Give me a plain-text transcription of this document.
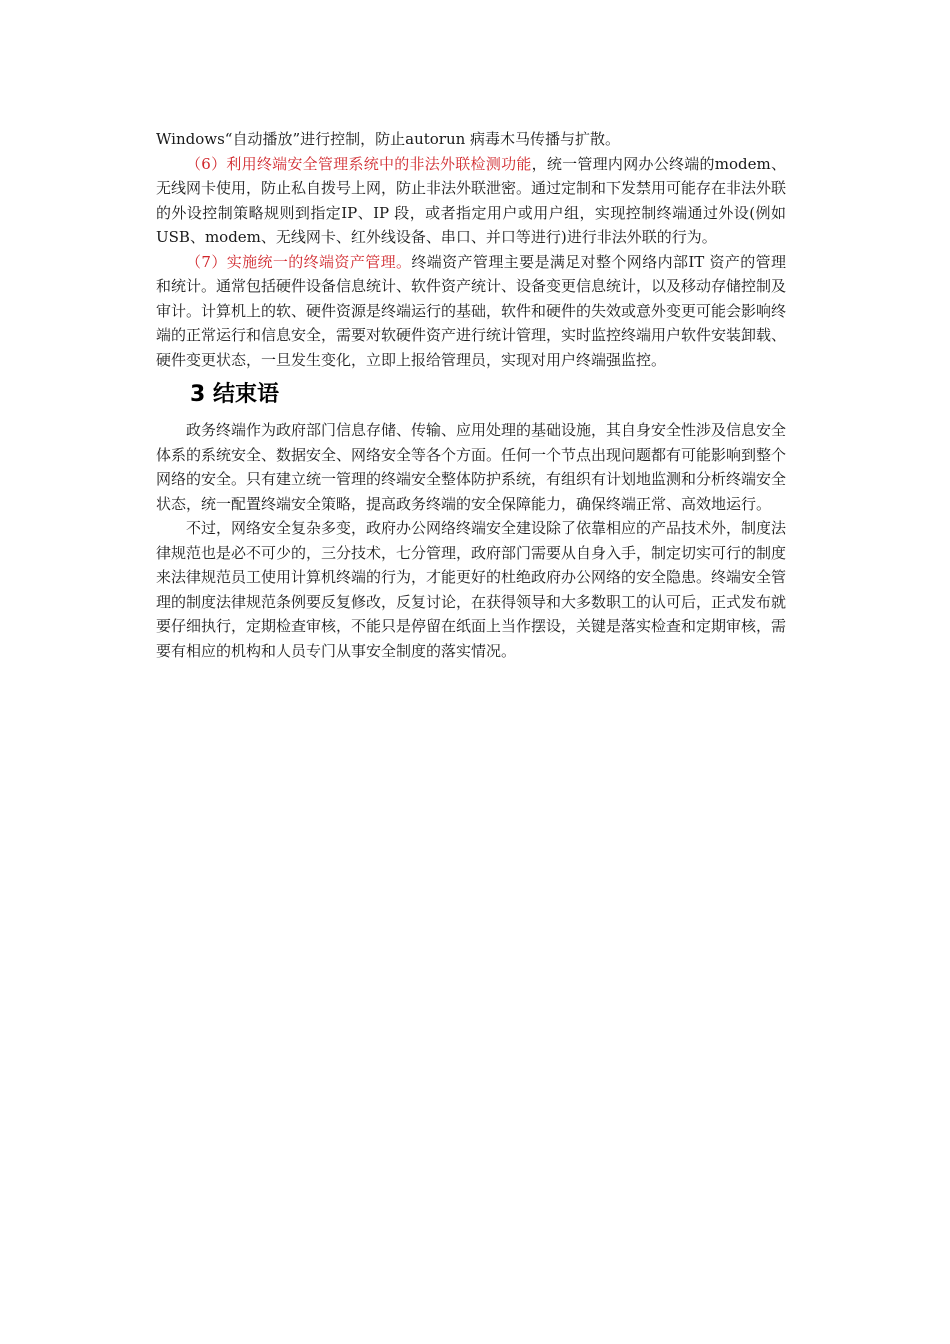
Windows“自动播放”进行控制，防止autorun 病毒木马传播与扩散。

（6）利用终端安全管理系统中的非法外联检测功能，统一管理内网办公终端的modem、无线网卡使用，防止私自拨号上网，防止非法外联泄密。通过定制和下发禁用可能存在非法外联的外设控制策略规则到指定IP、IP 段，或者指定用户或用户组，实现控制终端通过外设(例如USB、modem、无线网卡、红外线设备、串口、并口等进行)进行非法外联的行为。

（7）实施统一的终端资产管理。终端资产管理主要是满足对整个网络内部IT 资产的管理和统计。通常包括硬件设备信息统计、软件资产统计、设备变更信息统计，以及移动存储控制及审计。计算机上的软、硬件资源是终端运行的基础，软件和硬件的失效或意外变更可能会影响终端的正常运行和信息安全，需要对软硬件资产进行统计管理，实时监控终端用户软件安装卸载、硬件变更状态，一旦发生变化，立即上报给管理员，实现对用户终端强监控。

3 结束语

政务终端作为政府部门信息存储、传输、应用处理的基础设施，其自身安全性涉及信息安全体系的系统安全、数据安全、网络安全等各个方面。任何一个节点出现问题都有可能影响到整个网络的安全。只有建立统一管理的终端安全整体防护系统，有组织有计划地监测和分析终端安全状态，统一配置终端安全策略，提高政务终端的安全保障能力，确保终端正常、高效地运行。

不过，网络安全复杂多变，政府办公网络终端安全建设除了依靠相应的产品技术外，制度法律规范也是必不可少的，三分技术，七分管理，政府部门需要从自身入手，制定切实可行的制度来法律规范员工使用计算机终端的行为，才能更好的杜绝政府办公网络的安全隐患。终端安全管理的制度法律规范条例要反复修改，反复讨论，在获得领导和大多数职工的认可后，正式发布就要仔细执行，定期检查审核，不能只是停留在纸面上当作摆设，关键是落实检查和定期审核，需要有相应的机构和人员专门从事安全制度的落实情况。
